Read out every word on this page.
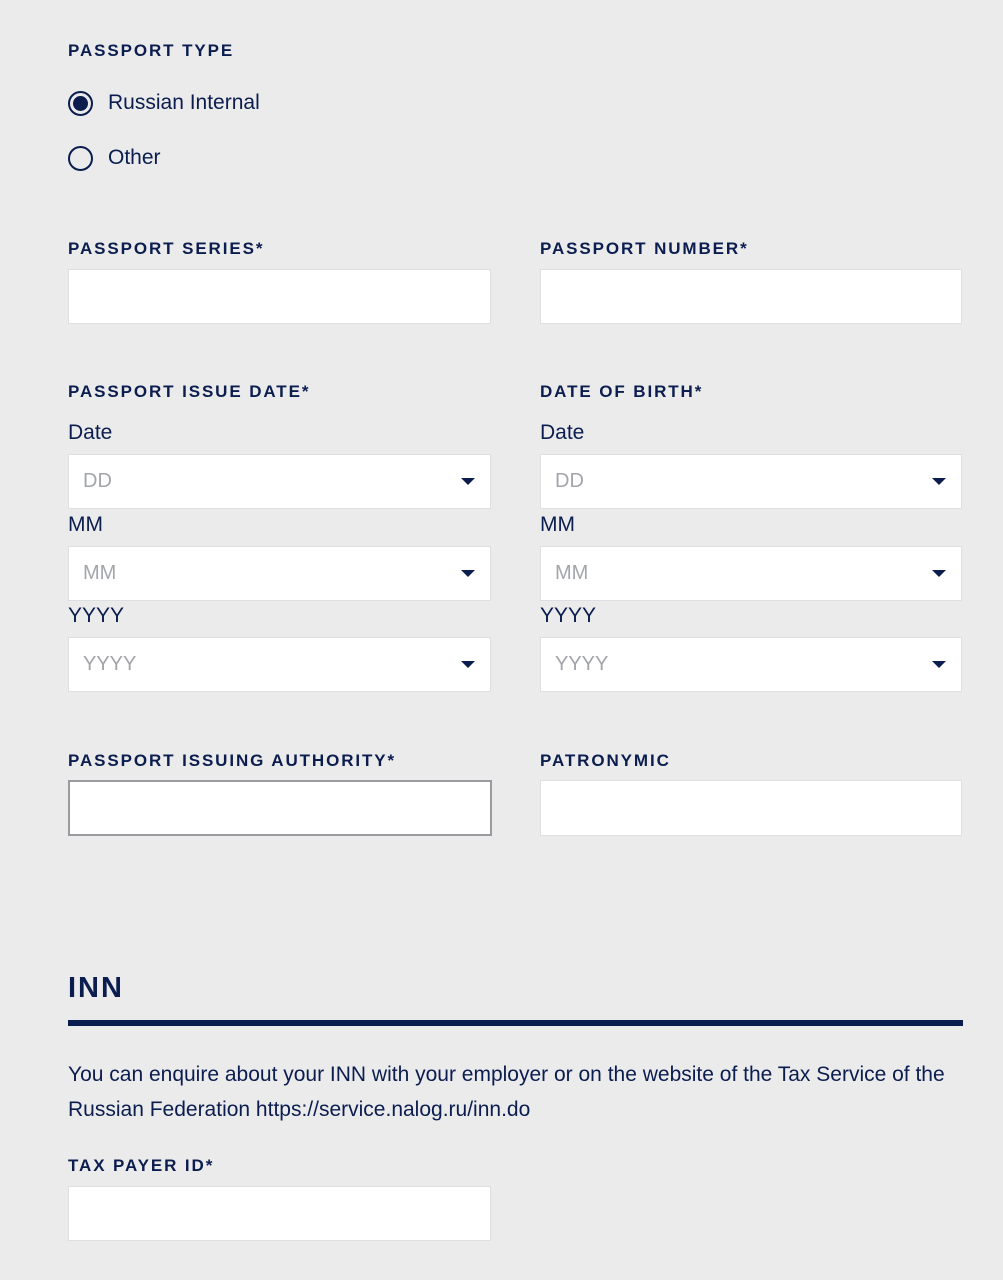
PASSPORT TYPE
Russian Internal
Other
PASSPORT SERIES*	PASSPORT NUMBER*
PASSPORT ISSUE DATE*
Date
DD
MM
MM
YYYY
YYYY
DATE OF BIRTH*
Date
DD
MM
MM
YYYY
YYYY
PASSPORT ISSUING AUTHORITY*	PATRONYMIC
INN
You can enquire about your INN with your employer or on the website of the Tax Service of the Russian Federation https://service.nalog.ru/inn.do
TAX PAYER ID*
